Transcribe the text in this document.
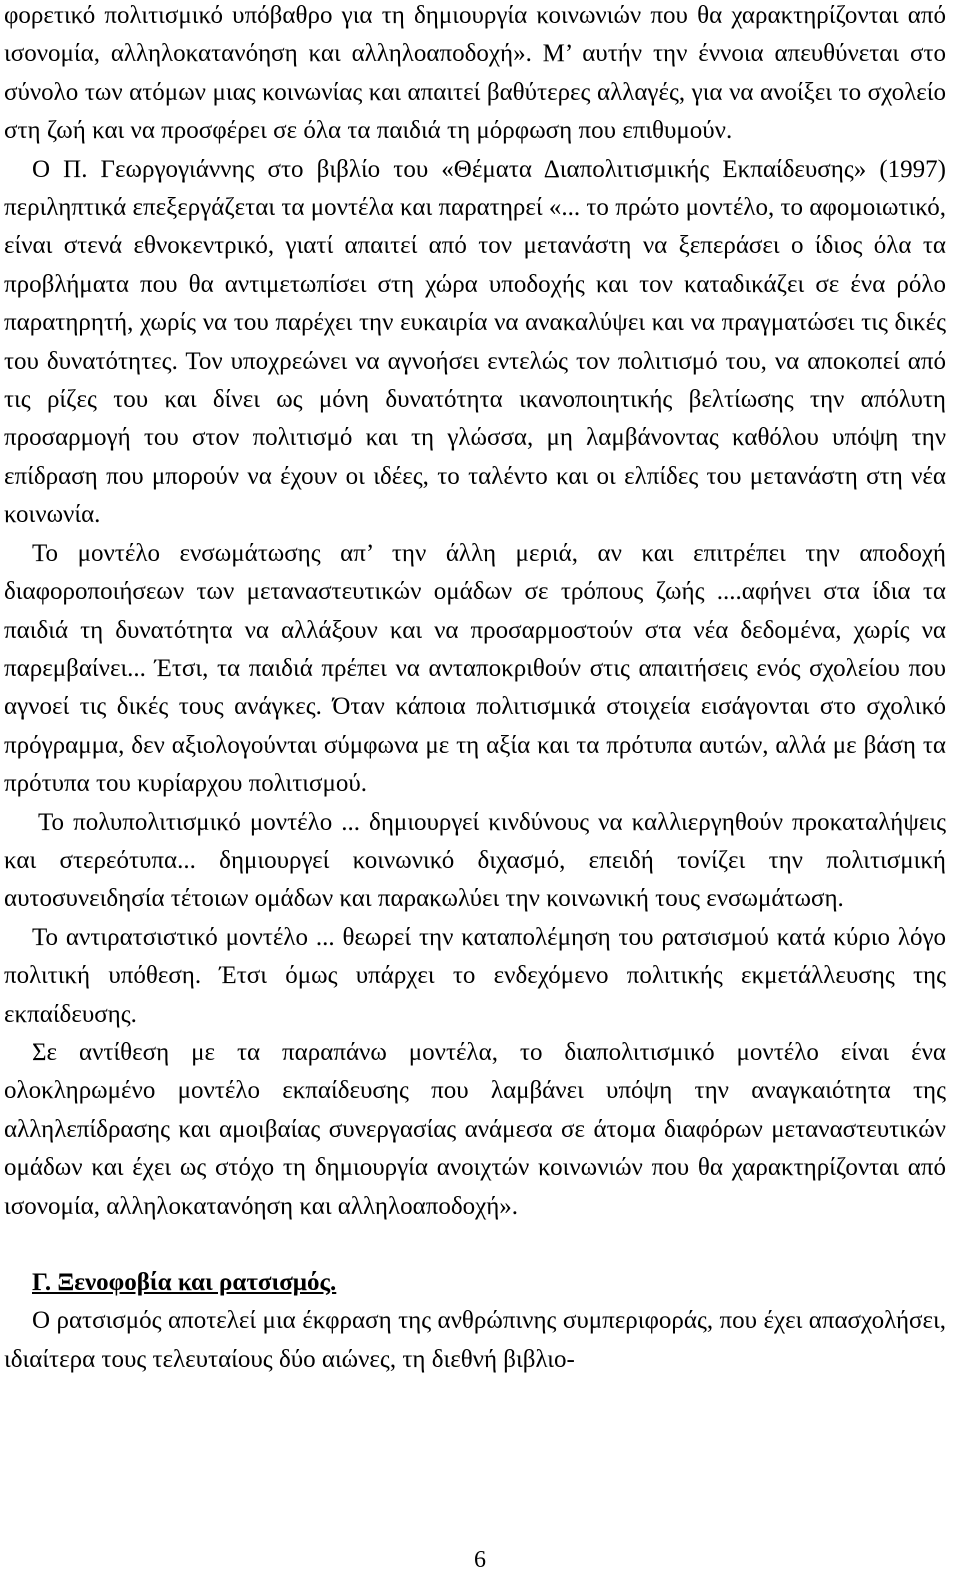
φορετικό πολιτισμικό υπόβαθρο για τη δημιουργία κοινωνιών που θα χαρακτηρίζονται από ισονομία, αλληλοκατανόηση και αλληλοαποδοχή». Μ’ αυτήν την έννοια απευθύνεται στο σύνολο των ατόμων μιας κοινωνίας και απαιτεί βαθύτερες αλλαγές, για να ανοίξει το σχολείο στη ζωή και να προσφέρει σε όλα τα παιδιά τη μόρφωση που επιθυμούν.

Ο Π. Γεωργογιάννης στο βιβλίο του «Θέματα Διαπολιτισμικής Εκπαίδευσης» (1997) περιληπτικά επεξεργάζεται τα μοντέλα και παρατηρεί «... το πρώτο μοντέλο, το αφομοιωτικό, είναι στενά εθνοκεντρικό, γιατί απαιτεί από τον μετανάστη να ξεπεράσει ο ίδιος όλα τα προβλήματα που θα αντιμετωπίσει στη χώρα υποδοχής και τον καταδικάζει σε ένα ρόλο παρατηρητή, χωρίς να του παρέχει την ευκαιρία να ανακαλύψει και να πραγματώσει τις δικές του δυνατότητες. Τον υποχρεώνει να αγνοήσει εντελώς τον πολιτισμό του, να αποκοπεί από τις ρίζες του και δίνει ως μόνη δυνατότητα ικανοποιητικής βελτίωσης την απόλυτη προσαρμογή του στον πολιτισμό και τη γλώσσα, μη λαμβάνοντας καθόλου υπόψη την επίδραση που μπορούν να έχουν οι ιδέες, το ταλέντο και οι ελπίδες του μετανάστη στη νέα κοινωνία.

Το μοντέλο ενσωμάτωσης απ’ την άλλη μεριά, αν και επιτρέπει την αποδοχή διαφοροποιήσεων των μεταναστευτικών ομάδων σε τρόπους ζωής ....αφήνει στα ίδια τα παιδιά τη δυνατότητα να αλλάξουν και να προσαρμοστούν στα νέα δεδομένα, χωρίς να παρεμβαίνει... Έτσι, τα παιδιά πρέπει να ανταποκριθούν στις απαιτήσεις ενός σχολείου που αγνοεί τις δικές τους ανάγκες. Όταν κάποια πολιτισμικά στοιχεία εισάγονται στο σχολικό πρόγραμμα, δεν αξιολογούνται σύμφωνα με τη αξία και τα πρότυπα αυτών, αλλά με βάση τα πρότυπα του κυρίαρχου πολιτισμού.

Το πολυπολιτισμικό μοντέλο ... δημιουργεί κινδύνους να καλλιεργηθούν προκαταλήψεις και στερεότυπα... δημιουργεί κοινωνικό διχασμό, επειδή τονίζει την πολιτισμική αυτοσυνειδησία τέτοιων ομάδων και παρακωλύει την κοινωνική τους ενσωμάτωση.

Το αντιρατσιστικό μοντέλο ... θεωρεί την καταπολέμηση του ρατσισμού κατά κύριο λόγο πολιτική υπόθεση. Έτσι όμως υπάρχει το ενδεχόμενο πολιτικής εκμετάλλευσης της εκπαίδευσης.

Σε αντίθεση με τα παραπάνω μοντέλα, το διαπολιτισμικό μοντέλο είναι ένα ολοκληρωμένο μοντέλο εκπαίδευσης που λαμβάνει υπόψη την αναγκαιότητα της αλληλεπίδρασης και αμοιβαίας συνεργασίας ανάμεσα σε άτομα διαφόρων μεταναστευτικών ομάδων και έχει ως στόχο τη δημιουργία ανοιχτών κοινωνιών που θα χαρακτηρίζονται από ισονομία, αλληλοκατανόηση και αλληλοαποδοχή».

Γ. Ξενοφοβία και ρατσισμός.

Ο ρατσισμός αποτελεί μια έκφραση της ανθρώπινης συμπεριφοράς, που έχει απασχολήσει, ιδιαίτερα τους τελευταίους δύο αιώνες, τη διεθνή βιβλιο-

6
